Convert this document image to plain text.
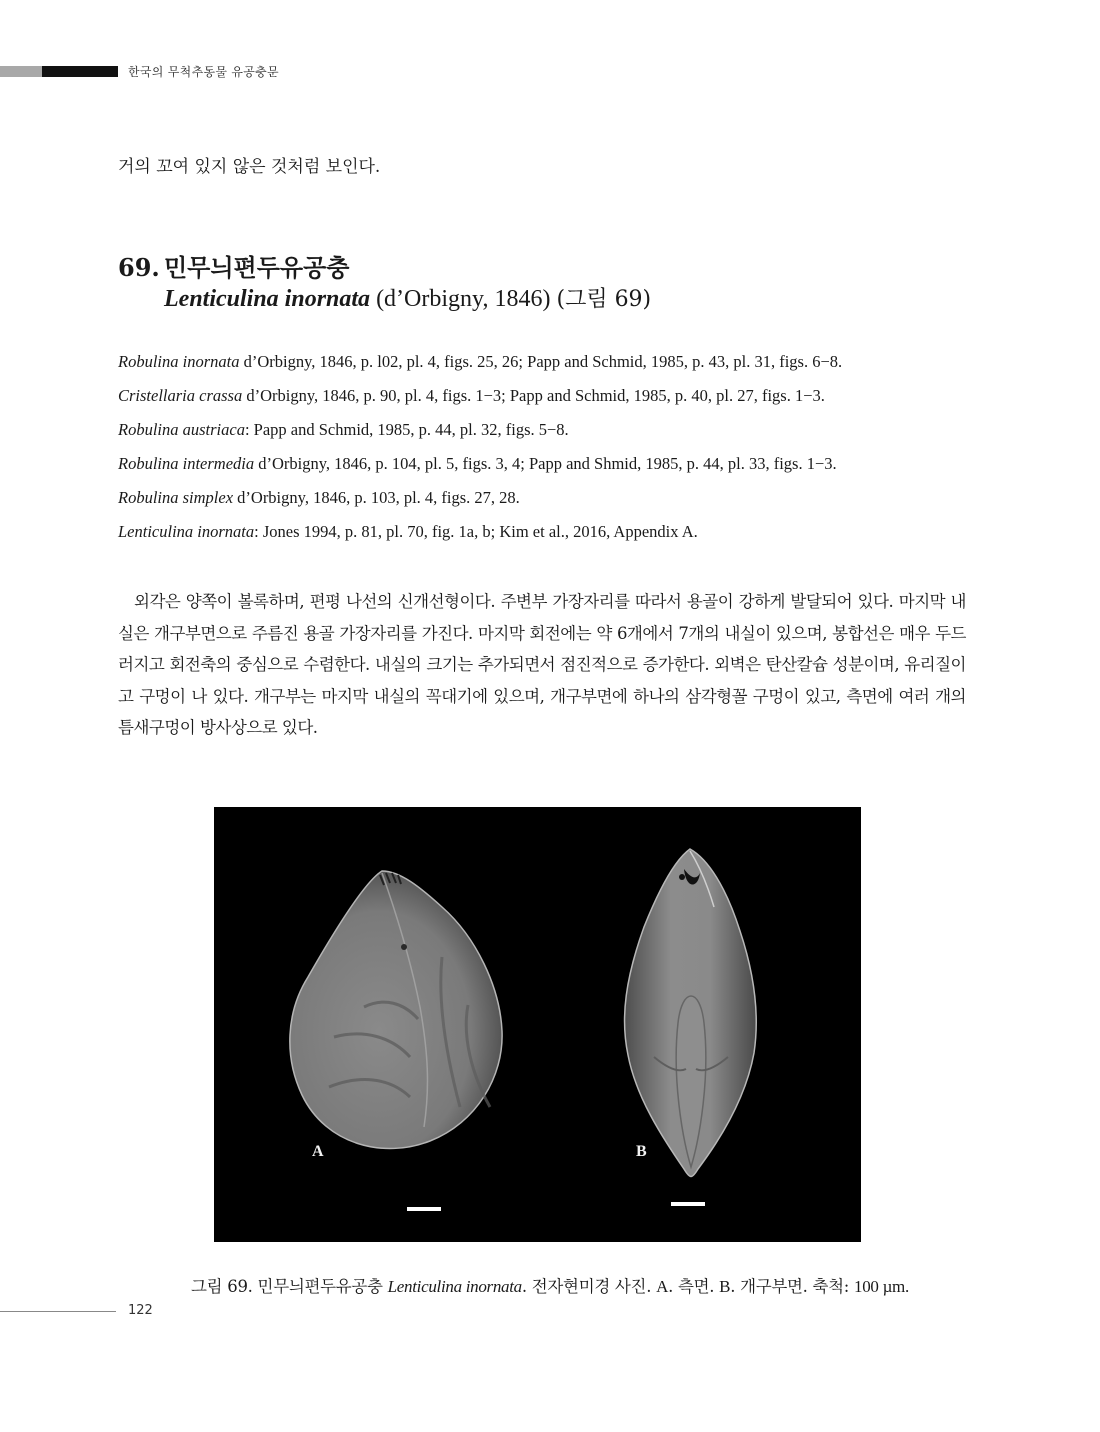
한국의 무척추동물 유공충문
거의 꼬여 있지 않은 것처럼 보인다.
69. 민무늬편두유공충
Lenticulina inornata (d’Orbigny, 1846) (그림 69)
Robulina inornata d’Orbigny, 1846, p. l02, pl. 4, figs. 25, 26; Papp and Schmid, 1985, p. 43, pl. 31, figs. 6−8.
Cristellaria crassa d’Orbigny, 1846, p. 90, pl. 4, figs. 1−3; Papp and Schmid, 1985, p. 40, pl. 27, figs. 1−3.
Robulina austriaca: Papp and Schmid, 1985, p. 44, pl. 32, figs. 5−8.
Robulina intermedia d’Orbigny, 1846, p. 104, pl. 5, figs. 3, 4; Papp and Shmid, 1985, p. 44, pl. 33, figs. 1−3.
Robulina simplex d’Orbigny, 1846, p. 103, pl. 4, figs. 27, 28.
Lenticulina inornata: Jones 1994, p. 81, pl. 70, fig. 1a, b; Kim et al., 2016, Appendix A.
외각은 양쪽이 볼록하며, 편평 나선의 신개선형이다. 주변부 가장자리를 따라서 용골이 강하게 발달되어 있다. 마지막 내실은 개구부면으로 주름진 용골 가장자리를 가진다. 마지막 회전에는 약 6개에서 7개의 내실이 있으며, 봉합선은 매우 두드러지고 회전축의 중심으로 수렴한다. 내실의 크기는 추가되면서 점진적으로 증가한다. 외벽은 탄산칼슘 성분이며, 유리질이고 구멍이 나 있다. 개구부는 마지막 내실의 꼭대기에 있으며, 개구부면에 하나의 삼각형꼴 구멍이 있고, 측면에 여러 개의 틈새구멍이 방사상으로 있다.
A	B
그림 69. 민무늬편두유공충 Lenticulina inornata. 전자현미경 사진. A. 측면. B. 개구부면. 축척: 100 µm.
122
